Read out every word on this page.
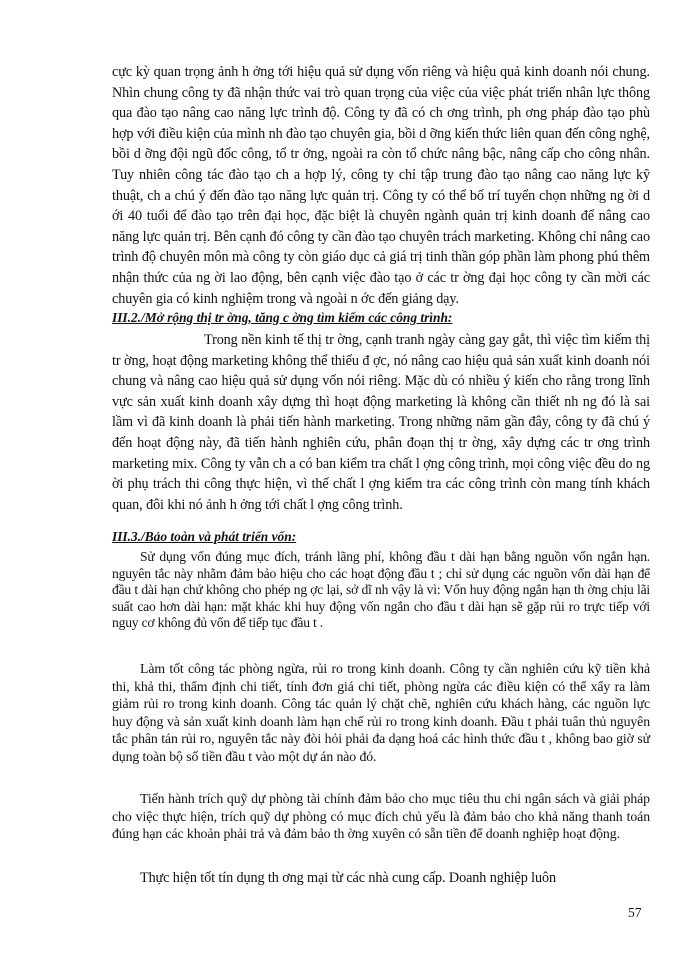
cực kỳ quan trọng ảnh h ởng tới hiệu quả sử dụng vốn riêng và hiệu quả kinh doanh nói chung. Nhìn chung công ty đã nhận thức vai trò quan trọng của việc của việc phát triển nhân lực thông qua đào tạo nâng cao năng lực trình độ. Công ty đã có ch ơng trình, ph ơng pháp đào tạo phù hợp với điều kiện của mình nh đào tạo chuyên gia, bồi d ỡng kiến thức liên quan đến công nghệ, bồi d ỡng đội ngũ đốc công, tổ tr ởng, ngoài ra còn tổ chức nâng bậc, nâng cấp cho công nhân. Tuy nhiên công tác đào tạo ch a hợp lý, công ty chỉ tập trung đào tạo nâng cao năng lực kỹ thuật, ch a chú ý đến đào tạo năng lực quản trị. Công ty có thể bố trí tuyển chọn những ng ời d ới 40 tuổi để đào tạo trên đại học, đặc biệt là chuyên ngành quản trị kinh doanh để nâng cao năng lực quản trị. Bên cạnh đó công ty cần đào tạo chuyên trách marketing. Không chỉ nâng cao trình độ chuyên môn mà công ty còn giáo dục cả giá trị tinh thần góp phần làm phong phú thêm nhận thức của ng ời lao động, bên cạnh việc đào tạo ở các tr ờng đại học công ty cần mời các chuyên gia có kinh nghiệm trong và ngoài n ớc đến giảng dạy.

III.2./Mở rộng thị tr ờng, tăng c ờng tìm kiếm các công trình:

Trong nền kinh tế thị tr ờng, cạnh tranh ngày càng gay gắt, thì việc tìm kiếm thị tr ờng, hoạt động marketing không thể thiếu đ ợc, nó nâng cao hiệu quả sản xuất kinh doanh nói chung và nâng cao hiệu quả sử dụng vốn nói riêng. Mặc dù có nhiều ý kiến cho rằng trong lĩnh vực sản xuất kinh doanh xây dựng thì hoạt động marketing là không cần thiết nh ng đó là sai lầm vì đã kinh doanh là phải tiến hành marketing. Trong những năm gần đây, công ty đã chú ý đến hoạt động này, đã tiến hành nghiên cứu, phân đoạn thị tr ờng, xây dựng các tr ơng trình marketing mix. Công ty vẫn ch a có ban kiểm tra chất l ợng công trình, mọi công việc đều do ng ời phụ trách thi công thực hiện, vì thế chất l ợng kiểm tra các công trình còn mang tính khách quan, đôi khi nó ảnh h ởng tới chất l ợng công trình.

III.3./Bảo toàn và phát triển vốn:

Sử dụng vốn đúng mục đích, tránh lãng phí, không đầu t dài hạn bằng nguồn vốn ngắn hạn. nguyên tắc này nhằm đảm bảo hiệu cho các hoạt động đầu t ; chỉ sử dụng các nguồn vốn dài hạn để đầu t dài hạn chứ không cho phép ng ợc lại, sở dĩ nh vậy là vì: Vốn huy động ngắn hạn th ờng chịu lãi suất cao hơn dài hạn: mặt khác khi huy động vốn ngắn cho đầu t dài hạn sẽ gặp rủi ro trực tiếp với nguy cơ không đủ vốn để tiếp tục đầu t .

Làm tốt công tác phòng ngừa, rủi ro trong kinh doanh. Công ty cần nghiên cứu kỹ tiền khả thi, khả thi, thẩm định chi tiết, tính đơn giá chi tiết, phòng ngừa các điều kiện có thể xẩy ra làm giảm rủi ro trong kinh doanh. Công tác quản lý chặt chẽ, nghiên cứu khách hàng, các nguồn lực huy động và sản xuất kinh doanh làm hạn chế rủi ro trong kinh doanh. Đầu t phải tuân thủ nguyên tắc phân tán rủi ro, nguyên tắc này đòi hỏi phải đa dạng hoá các hình thức đầu t , không bao giờ sử dụng toàn bộ số tiền đầu t vào một dự án nào đó.

Tiến hành trích quỹ dự phòng tài chính đảm bảo cho mục tiêu thu chi ngân sách và giải pháp cho việc thực hiện, trích quỹ dự phòng có mục đích chủ yếu là đảm bảo cho khả năng thanh toán đúng hạn các khoản phải trả và đảm bảo th ờng xuyên có sẵn tiền để doanh nghiệp hoạt động.

Thực hiện tốt tín dụng th ơng mại từ các nhà cung cấp. Doanh nghiệp luôn

57
